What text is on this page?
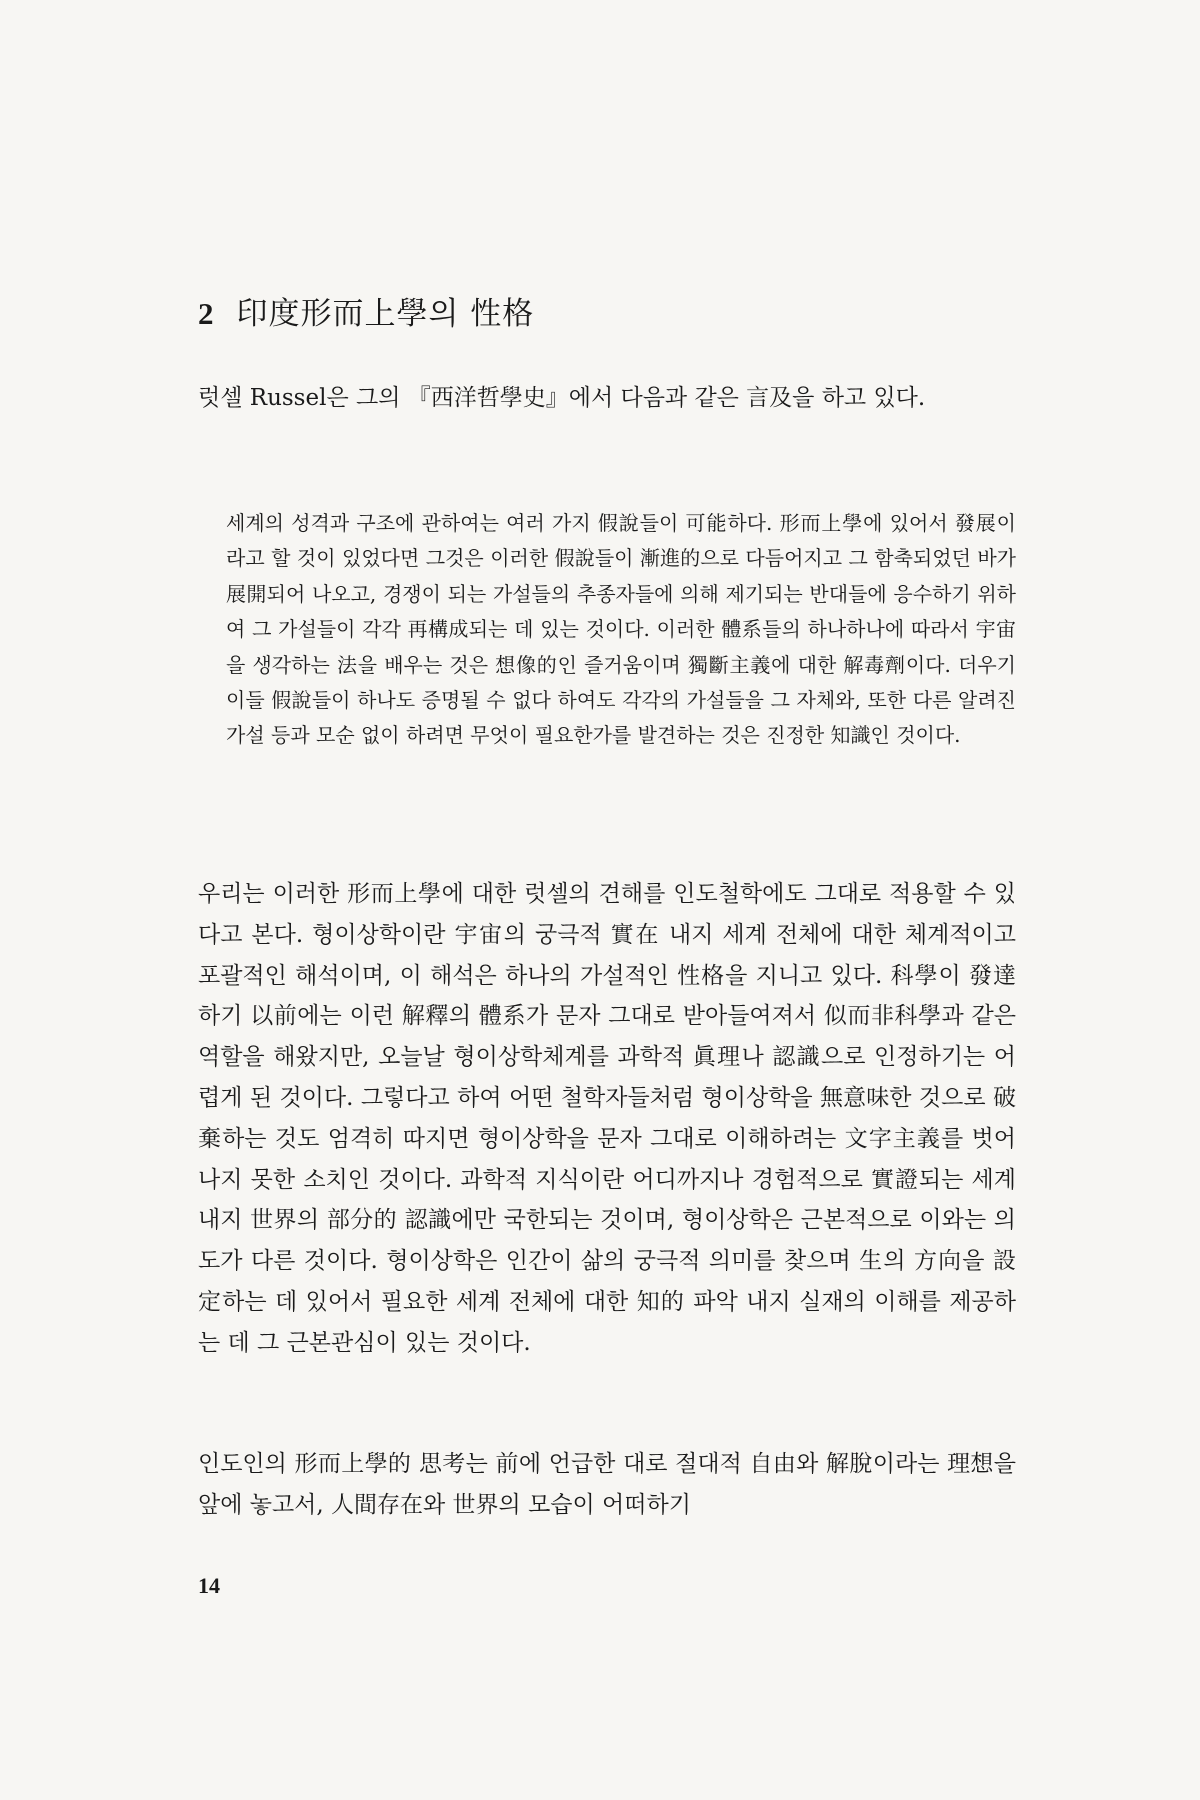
2 印度形而上學의 性格

럿셀 Russel은 그의 『西洋哲學史』에서 다음과 같은 言及을 하고 있다.

세계의 성격과 구조에 관하여는 여러 가지 假說들이 可能하다. 形而上學에 있어서 發展이라고 할 것이 있었다면 그것은 이러한 假說들이 漸進的으로 다듬어지고 그 함축되었던 바가 展開되어 나오고, 경쟁이 되는 가설들의 추종자들에 의해 제기되는 반대들에 응수하기 위하여 그 가설들이 각각 再構成되는 데 있는 것이다. 이러한 體系들의 하나하나에 따라서 宇宙을 생각하는 法을 배우는 것은 想像的인 즐거움이며 獨斷主義에 대한 解毒劑이다. 더우기 이들 假說들이 하나도 증명될 수 없다 하여도 각각의 가설들을 그 자체와, 또한 다른 알려진 가설 등과 모순 없이 하려면 무엇이 필요한가를 발견하는 것은 진정한 知識인 것이다.

우리는 이러한 形而上學에 대한 럿셀의 견해를 인도철학에도 그대로 적용할 수 있다고 본다. 형이상학이란 宇宙의 궁극적 實在 내지 세계 전체에 대한 체계적이고 포괄적인 해석이며, 이 해석은 하나의 가설적인 性格을 지니고 있다. 科學이 發達하기 以前에는 이런 解釋의 體系가 문자 그대로 받아들여져서 似而非科學과 같은 역할을 해왔지만, 오늘날 형이상학체계를 과학적 眞理나 認識으로 인정하기는 어렵게 된 것이다. 그렇다고 하여 어떤 철학자들처럼 형이상학을 無意味한 것으로 破棄하는 것도 엄격히 따지면 형이상학을 문자 그대로 이해하려는 文字主義를 벗어나지 못한 소치인 것이다. 과학적 지식이란 어디까지나 경험적으로 實證되는 세계 내지 世界의 部分的 認識에만 국한되는 것이며, 형이상학은 근본적으로 이와는 의도가 다른 것이다. 형이상학은 인간이 삶의 궁극적 의미를 찾으며 生의 方向을 設定하는 데 있어서 필요한 세계 전체에 대한 知的 파악 내지 실재의 이해를 제공하는 데 그 근본관심이 있는 것이다.

인도인의 形而上學的 思考는 前에 언급한 대로 절대적 自由와 解脫이라는 理想을 앞에 놓고서, 人間存在와 世界의 모습이 어떠하기

14
